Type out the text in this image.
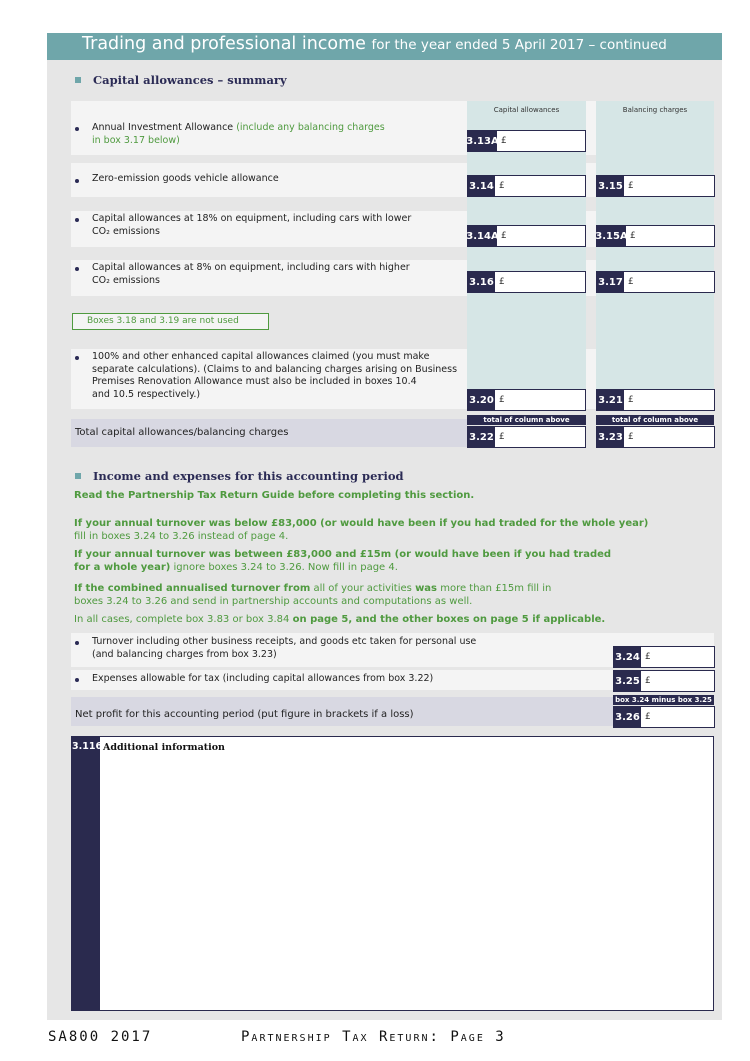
Trading and professional income for the year ended 5 April 2017 – continued
Capital allowances – summary
Capital allowances	Balancing charges
Annual Investment Allowance (include any balancing charges
in box 3.17 below)	3.13A £
Zero-emission goods vehicle allowance
3.14 £	3.15 £
Capital allowances at 18% on equipment, including cars with lower
CO₂ emissions	3.14A £	3.15A £
Capital allowances at 8% on equipment, including cars with higher
CO₂ emissions	3.16 £	3.17 £
Boxes 3.18 and 3.19 are not used
100% and other enhanced capital allowances claimed (you must make
separate calculations). (Claims to and balancing charges arising on Business
Premises Renovation Allowance must also be included in boxes 10.4
and 10.5 respectively.)
3.20 £	3.21 £
Total capital allowances/balancing charges
total of column above	total of column above
3.22 £	3.23 £
Income and expenses for this accounting period
Read the Partnership Tax Return Guide before completing this section.
If your annual turnover was below £83,000 (or would have been if you had traded for the whole year)
fill in boxes 3.24 to 3.26 instead of page 4.
If your annual turnover was between £83,000 and £15m (or would have been if you had traded
for a whole year) ignore boxes 3.24 to 3.26. Now fill in page 4.
If the combined annualised turnover from all of your activities was more than £15m fill in
boxes 3.24 to 3.26 and send in partnership accounts and computations as well.
In all cases, complete box 3.83 or box 3.84 on page 5, and the other boxes on page 5 if applicable.
Turnover including other business receipts, and goods etc taken for personal use
(and balancing charges from box 3.23)	3.24 £
Expenses allowable for tax (including capital allowances from box 3.22)	3.25 £
Net profit for this accounting period (put figure in brackets if a loss)
box 3.24 minus box 3.25
3.26 £
3.116 Additional information
SA800 2017	Partnership Tax Return: Page 3
